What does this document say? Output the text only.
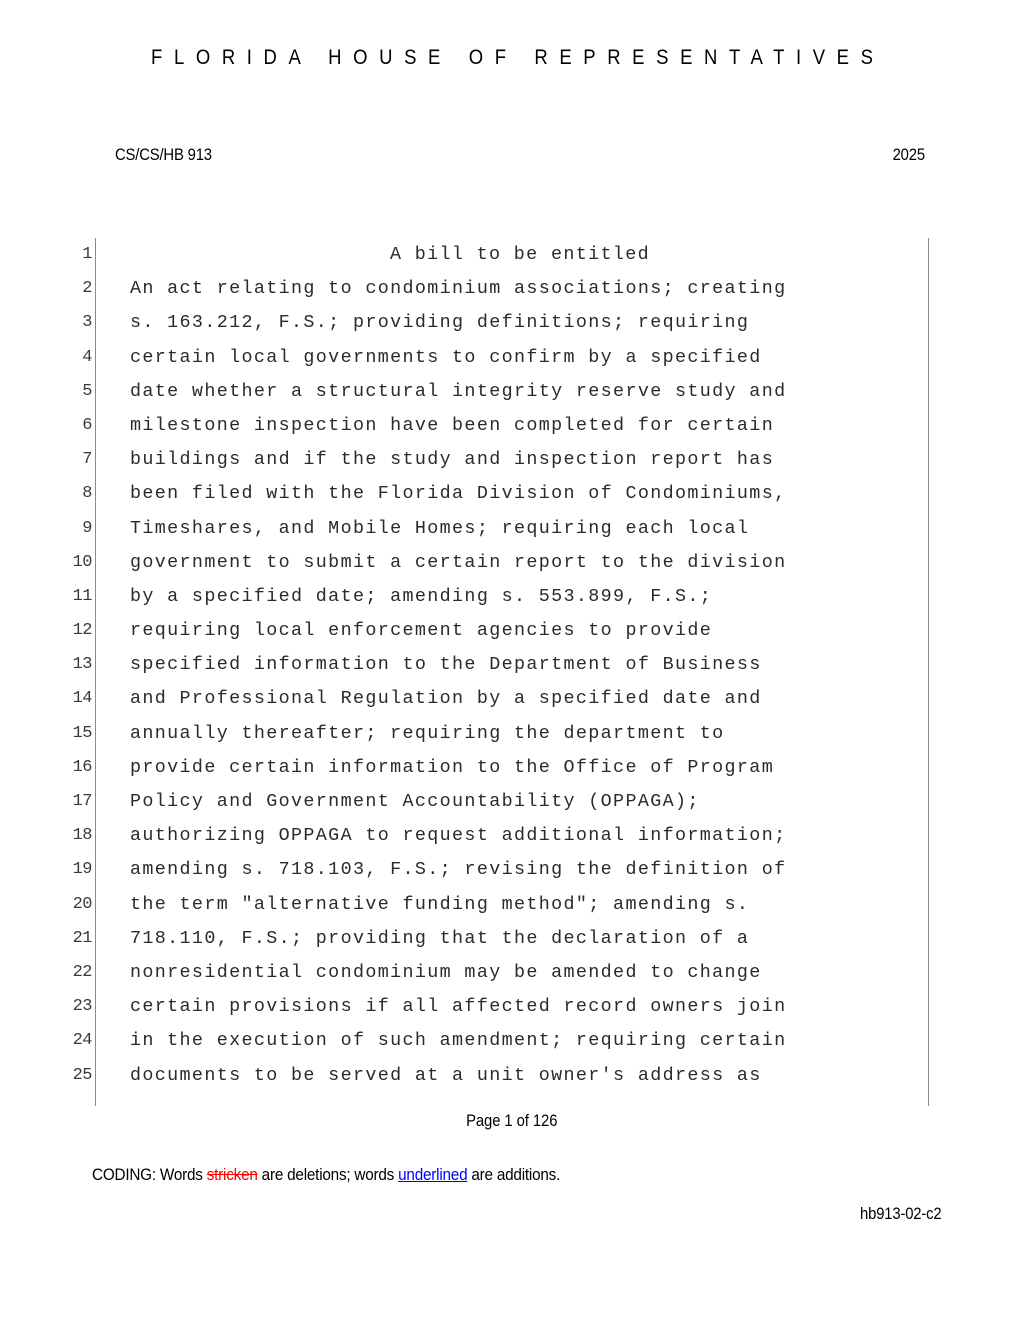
FLORIDA HOUSE OF REPRESENTATIVES
CS/CS/HB 913	2025
1	A bill to be entitled
2 An act relating to condominium associations; creating
3 s. 163.212, F.S.; providing definitions; requiring
4 certain local governments to confirm by a specified
5 date whether a structural integrity reserve study and
6 milestone inspection have been completed for certain
7 buildings and if the study and inspection report has
8 been filed with the Florida Division of Condominiums,
9 Timeshares, and Mobile Homes; requiring each local
10 government to submit a certain report to the division
11 by a specified date; amending s. 553.899, F.S.;
12 requiring local enforcement agencies to provide
13 specified information to the Department of Business
14 and Professional Regulation by a specified date and
15 annually thereafter; requiring the department to
16 provide certain information to the Office of Program
17 Policy and Government Accountability (OPPAGA);
18 authorizing OPPAGA to request additional information;
19 amending s. 718.103, F.S.; revising the definition of
20 the term "alternative funding method"; amending s.
21 718.110, F.S.; providing that the declaration of a
22 nonresidential condominium may be amended to change
23 certain provisions if all affected record owners join
24 in the execution of such amendment; requiring certain
25 documents to be served at a unit owner's address as
Page 1 of 126
CODING: Words stricken are deletions; words underlined are additions.
hb913-02-c2
